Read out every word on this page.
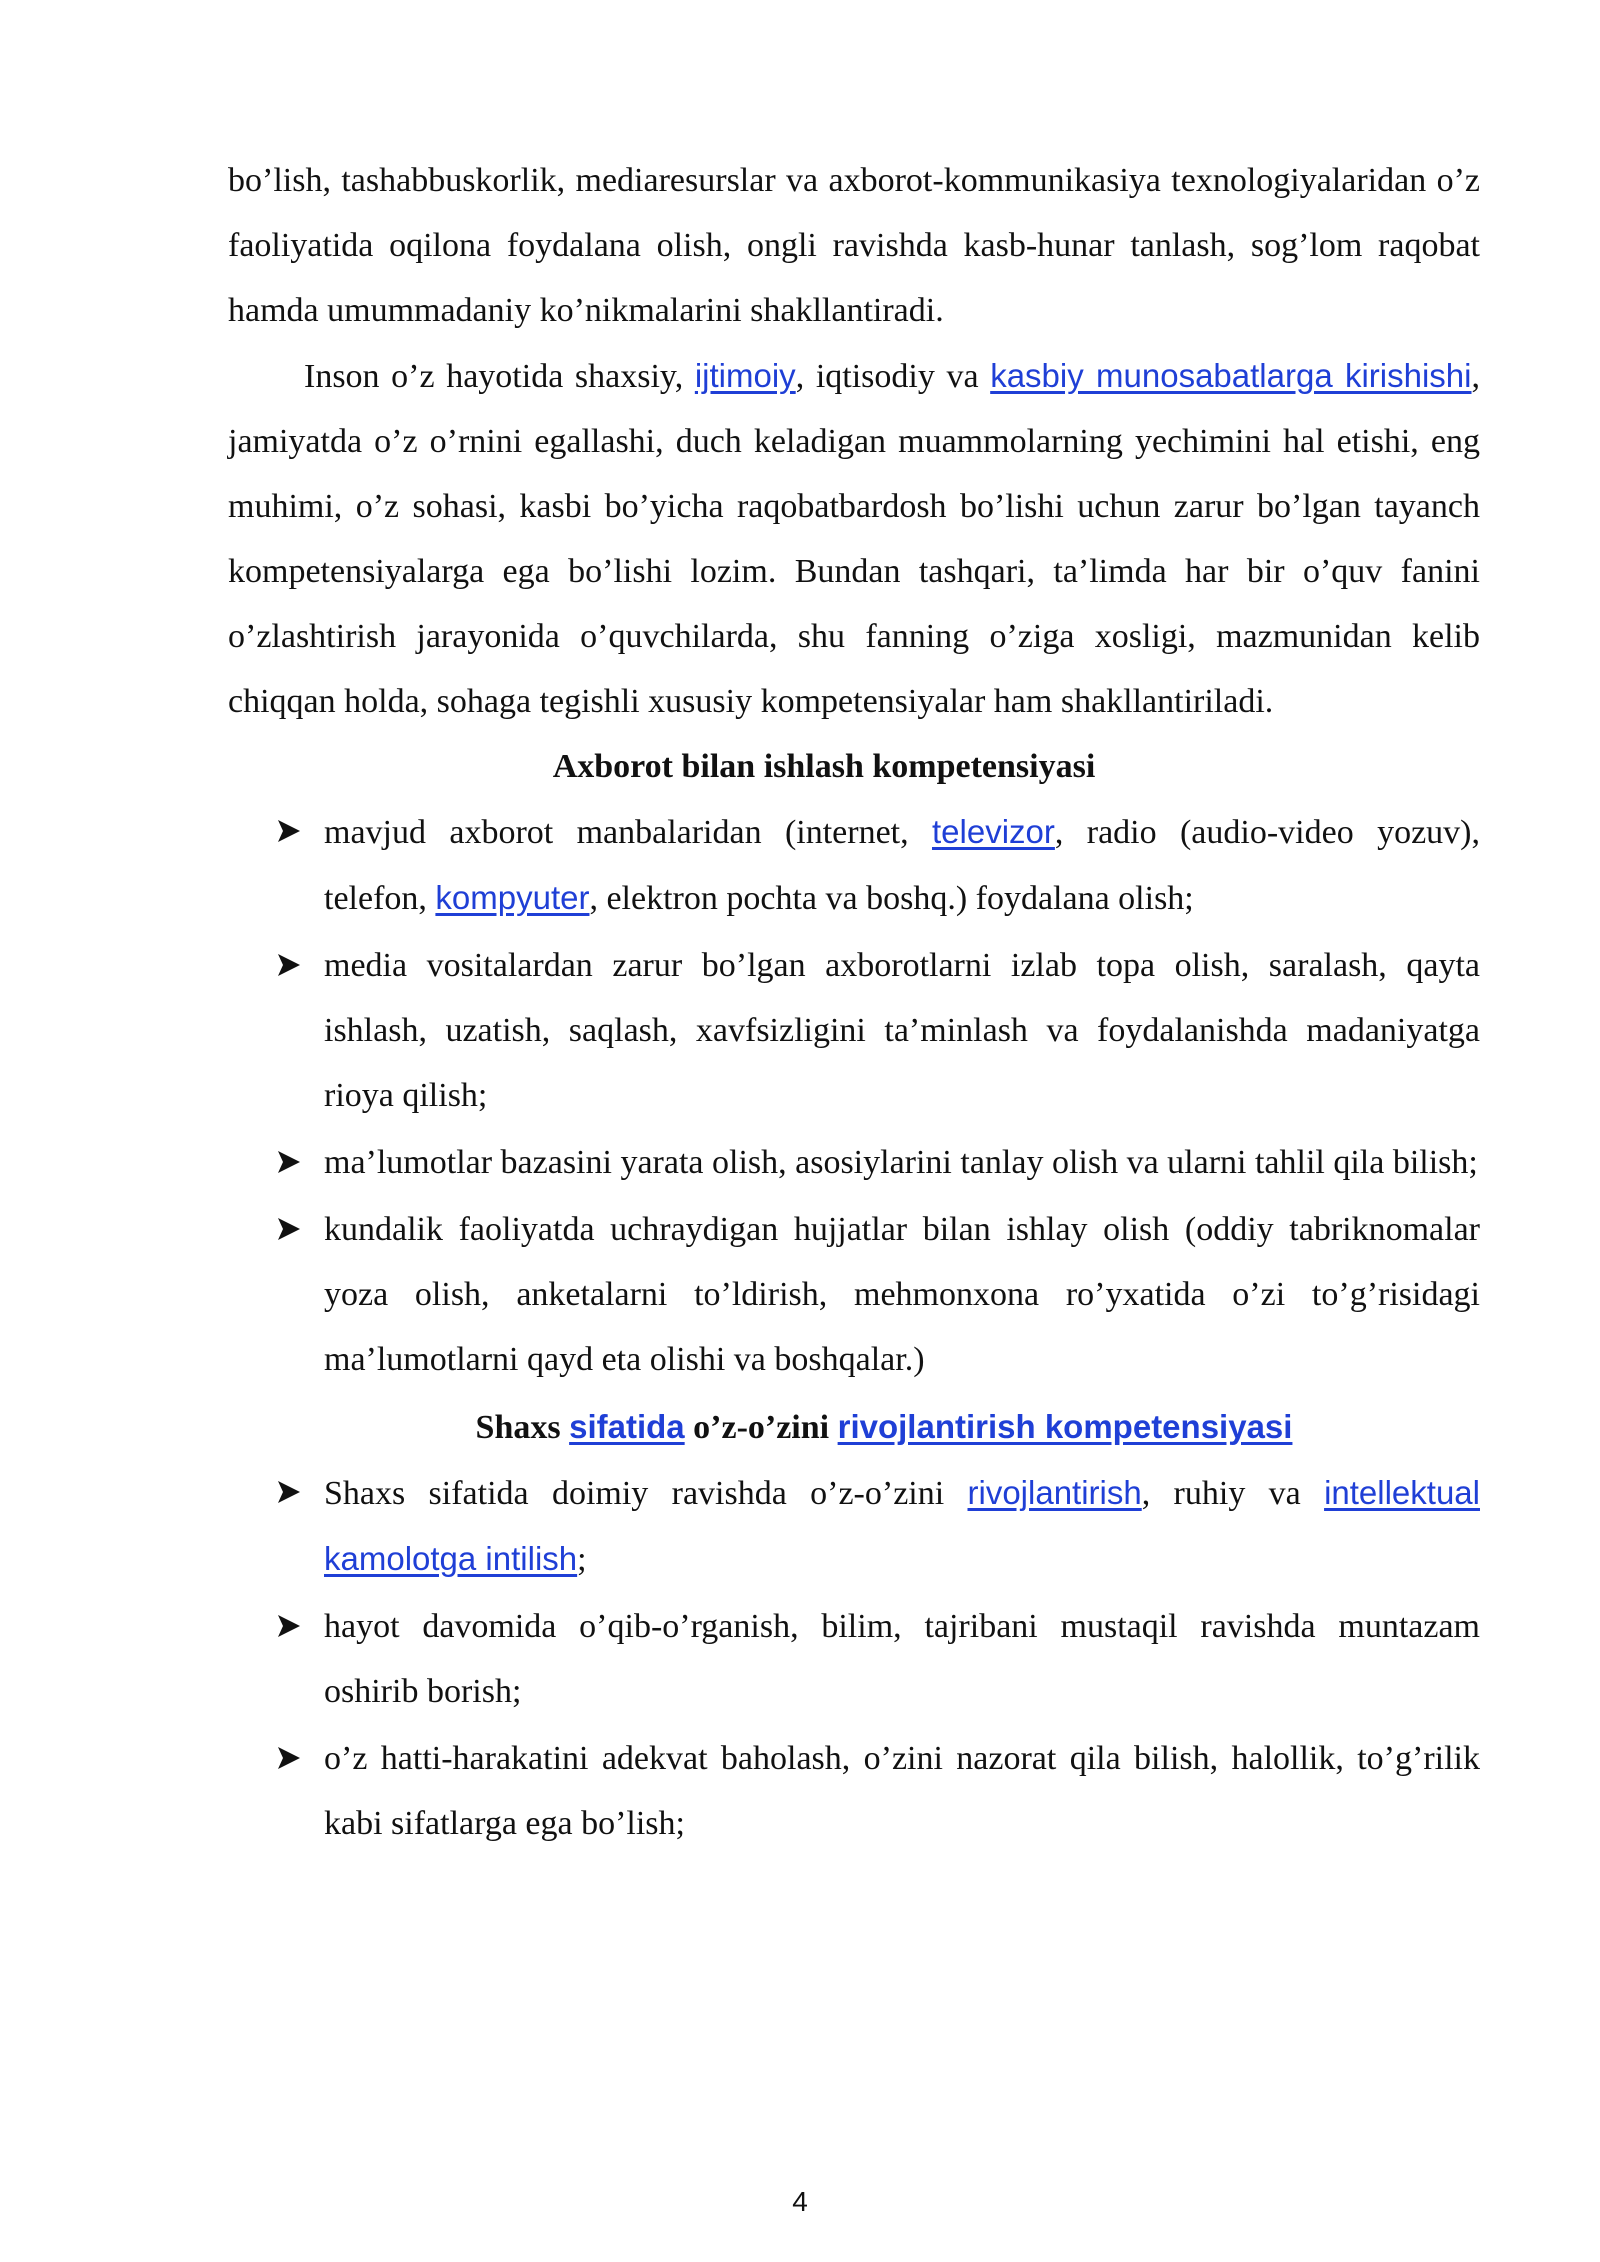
bo’lish, tashabbuskorlik, mediaresurslar va axborot-kommunikasiya texnologiyalaridan o’z faoliyatida oqilona foydalana olish, ongli ravishda kasb-hunar tanlash, sog’lom raqobat hamda umummadaniy ko’nikmalarini shakllantiradi.

Inson o’z hayotida shaxsiy, ijtimoiy, iqtisodiy va kasbiy munosabatlarga kirishishi, jamiyatda o’z o’rnini egallashi, duch keladigan muammolarning yechimini hal etishi, eng muhimi, o’z sohasi, kasbi bo’yicha raqobatbardosh bo’lishi uchun zarur bo’lgan tayanch kompetensiyalarga ega bo’lishi lozim. Bundan tashqari, ta’limda har bir o’quv fanini o’zlashtirish jarayonida o’quvchilarda, shu fanning o’ziga xosligi, mazmunidan kelib chiqqan holda, sohaga tegishli xususiy kompetensiyalar ham shakllantiriladi.

Axborot bilan ishlash kompetensiyasi

mavjud axborot manbalaridan (internet, televizor, radio (audio-video yozuv), telefon, kompyuter, elektron pochta va boshq.) foydalana olish;
media vositalardan zarur bo’lgan axborotlarni izlab topa olish, saralash, qayta ishlash, uzatish, saqlash, xavfsizligini ta’minlash va foydalanishda madaniyatga rioya qilish;
ma’lumotlar bazasini yarata olish, asosiylarini tanlay olish va ularni tahlil qila bilish;
kundalik faoliyatda uchraydigan hujjatlar bilan ishlay olish (oddiy tabriknomalar yoza olish, anketalarni to’ldirish, mehmonxona ro’yxatida o’zi to’g’risidagi ma’lumotlarni qayd eta olishi va boshqalar.)

Shaxs sifatida o’z-o’zini rivojlantirish kompetensiyasi

Shaxs sifatida doimiy ravishda o’z-o’zini rivojlantirish, ruhiy va intellektual kamolotga intilish;
hayot davomida o’qib-o’rganish, bilim, tajribani mustaqil ravishda muntazam oshirib borish;
o’z hatti-harakatini adekvat baholash, o’zini nazorat qila bilish, halollik, to’g’rilik kabi sifatlarga ega bo’lish;
4
